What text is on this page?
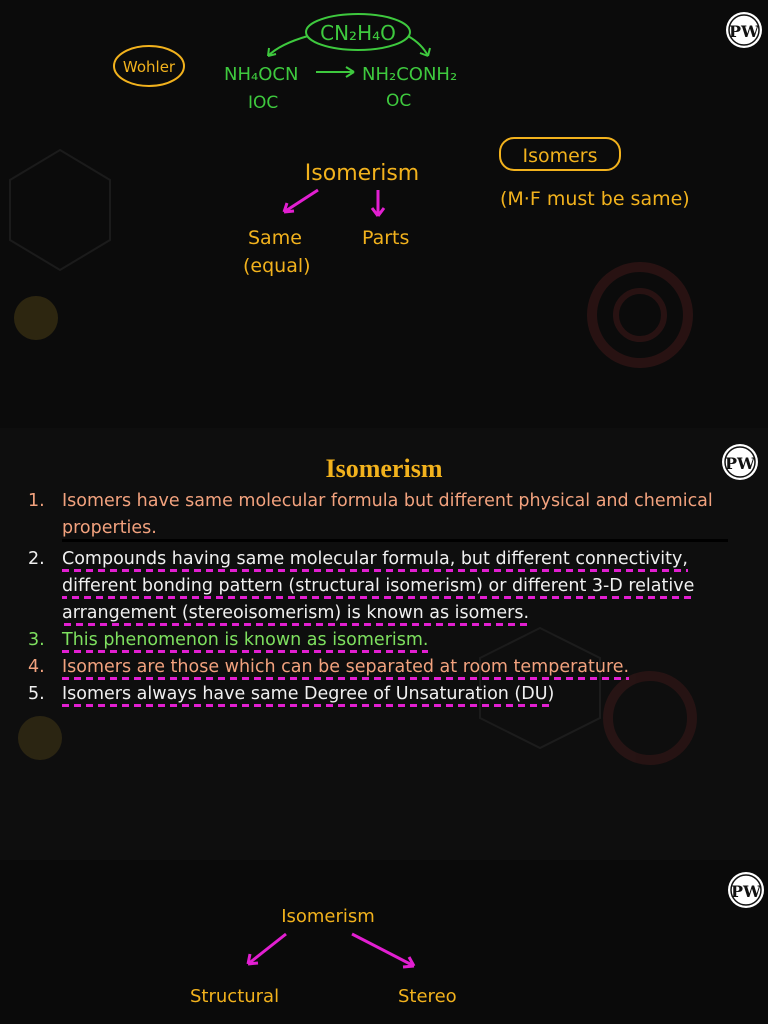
Wohler
CN₂H₄O
NH₄OCN	NH₂CONH₂
IOC	OC
Isomers
(M·F must be same)
Isomerism
Same
(equal)
Parts
PW
PW
Isomerism
1. Isomers have same molecular formula but different physical and chemical properties.
2. Compounds having same molecular formula, but different connectivity, different bonding pattern (structural isomerism) or different 3-D relative arrangement (stereoisomerism) is known as isomers.
3. This phenomenon is known as isomerism.
4. Isomers are those which can be separated at room temperature.
5. Isomers always have same Degree of Unsaturation (DU)
PW
Isomerism
Structural	Stereo
